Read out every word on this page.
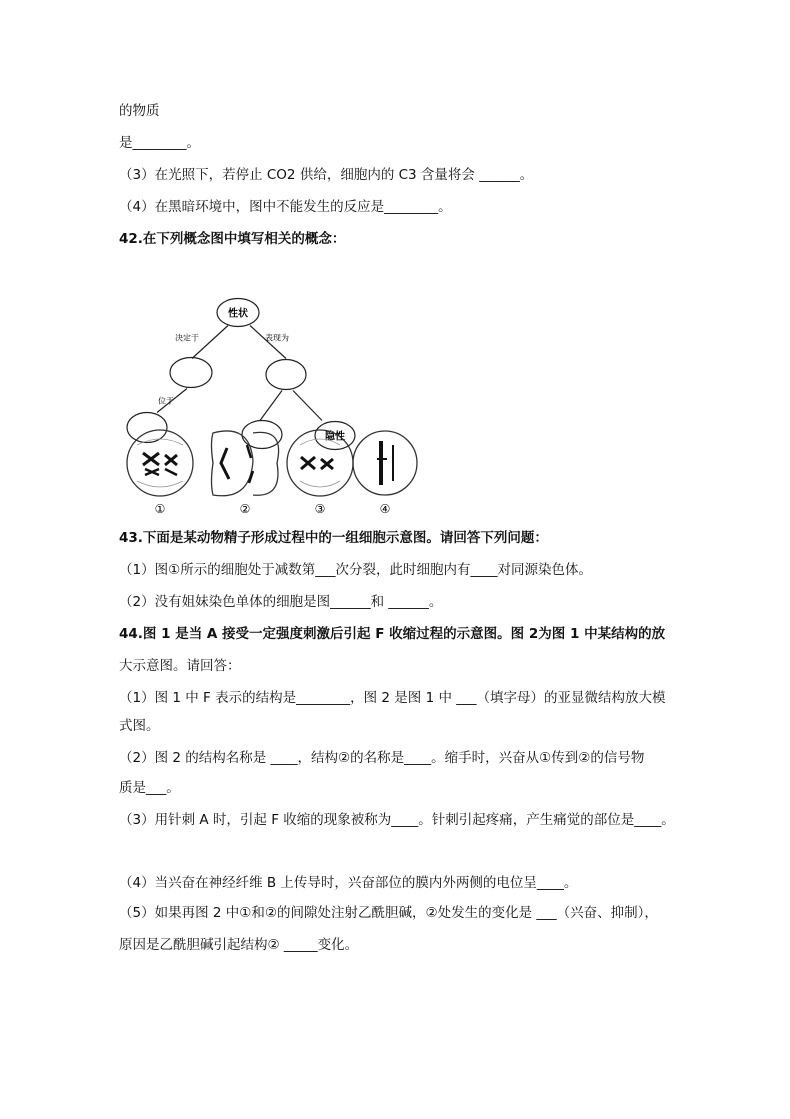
的物质
是________。
（3）在光照下，若停止 CO2 供给，细胞内的 C3 含量将会 ______。
（4）在黑暗环境中，图中不能发生的反应是________。
42.在下列概念图中填写相关的概念：
性状
决定于	表现为
位于
隐性
①	②	③	④
43.下面是某动物精子形成过程中的一组细胞示意图。请回答下列问题：
（1）图①所示的细胞处于减数第___次分裂，此时细胞内有____对同源染色体。
（2）没有姐妹染色单体的细胞是图______和 ______。
44.图 1 是当 A 接受一定强度刺激后引起 F 收缩过程的示意图。图 2为图 1 中某结构的放
大示意图。请回答：
（1）图 1 中 F 表示的结构是________，图 2 是图 1 中 ___（填字母）的亚显微结构放大模
式图。
（2）图 2 的结构名称是 ____，结构②的名称是____。缩手时，兴奋从①传到②的信号物
质是___。
（3）用针刺 A 时，引起 F 收缩的现象被称为____。针刺引起疼痛，产生痛觉的部位是____。
（4）当兴奋在神经纤维 B 上传导时，兴奋部位的膜内外两侧的电位呈____。
（5）如果再图 2 中①和②的间隙处注射乙酰胆碱，②处发生的变化是 ___（兴奋、抑制），
原因是乙酰胆碱引起结构② _____变化。
